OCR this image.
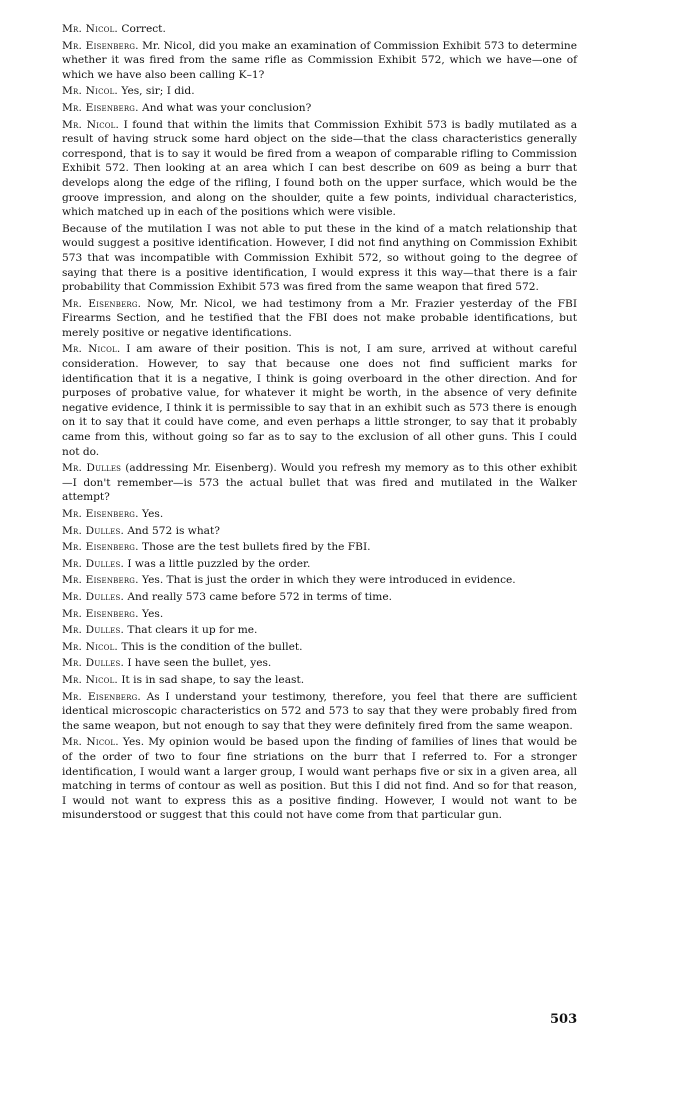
Mr. Nicol. Correct.

Mr. Eisenberg. Mr. Nicol, did you make an examination of Commission Exhibit 573 to determine whether it was fired from the same rifle as Commission Exhibit 572, which we have—one of which we have also been calling K–1?

Mr. Nicol. Yes, sir; I did.

Mr. Eisenberg. And what was your conclusion?

Mr. Nicol. I found that within the limits that Commission Exhibit 573 is badly mutilated as a result of having struck some hard object on the side—that the class characteristics generally correspond, that is to say it would be fired from a weapon of comparable rifling to Commission Exhibit 572. Then looking at an area which I can best describe on 609 as being a burr that develops along the edge of the rifling, I found both on the upper surface, which would be the groove impression, and along on the shoulder, quite a few points, individual characteristics, which matched up in each of the positions which were visible.

Because of the mutilation I was not able to put these in the kind of a match relationship that would suggest a positive identification. However, I did not find anything on Commission Exhibit 573 that was incompatible with Commission Exhibit 572, so without going to the degree of saying that there is a positive identification, I would express it this way—that there is a fair probability that Commission Exhibit 573 was fired from the same weapon that fired 572.

Mr. Eisenberg. Now, Mr. Nicol, we had testimony from a Mr. Frazier yesterday of the FBI Firearms Section, and he testified that the FBI does not make probable identifications, but merely positive or negative identifications.

Mr. Nicol. I am aware of their position. This is not, I am sure, arrived at without careful consideration. However, to say that because one does not find sufficient marks for identification that it is a negative, I think is going overboard in the other direction. And for purposes of probative value, for whatever it might be worth, in the absence of very definite negative evidence, I think it is permissible to say that in an exhibit such as 573 there is enough on it to say that it could have come, and even perhaps a little stronger, to say that it probably came from this, without going so far as to say to the exclusion of all other guns. This I could not do.

Mr. Dulles (addressing Mr. Eisenberg). Would you refresh my memory as to this other exhibit—I don't remember—is 573 the actual bullet that was fired and mutilated in the Walker attempt?

Mr. Eisenberg. Yes.

Mr. Dulles. And 572 is what?

Mr. Eisenberg. Those are the test bullets fired by the FBI.

Mr. Dulles. I was a little puzzled by the order.

Mr. Eisenberg. Yes. That is just the order in which they were introduced in evidence.

Mr. Dulles. And really 573 came before 572 in terms of time.

Mr. Eisenberg. Yes.

Mr. Dulles. That clears it up for me.

Mr. Nicol. This is the condition of the bullet.

Mr. Dulles. I have seen the bullet, yes.

Mr. Nicol. It is in sad shape, to say the least.

Mr. Eisenberg. As I understand your testimony, therefore, you feel that there are sufficient identical microscopic characteristics on 572 and 573 to say that they were probably fired from the same weapon, but not enough to say that they were definitely fired from the same weapon.

Mr. Nicol. Yes. My opinion would be based upon the finding of families of lines that would be of the order of two to four fine striations on the burr that I referred to. For a stronger identification, I would want a larger group, I would want perhaps five or six in a given area, all matching in terms of contour as well as position. But this I did not find. And so for that reason, I would not want to express this as a positive finding. However, I would not want to be misunderstood or suggest that this could not have come from that particular gun.

503
